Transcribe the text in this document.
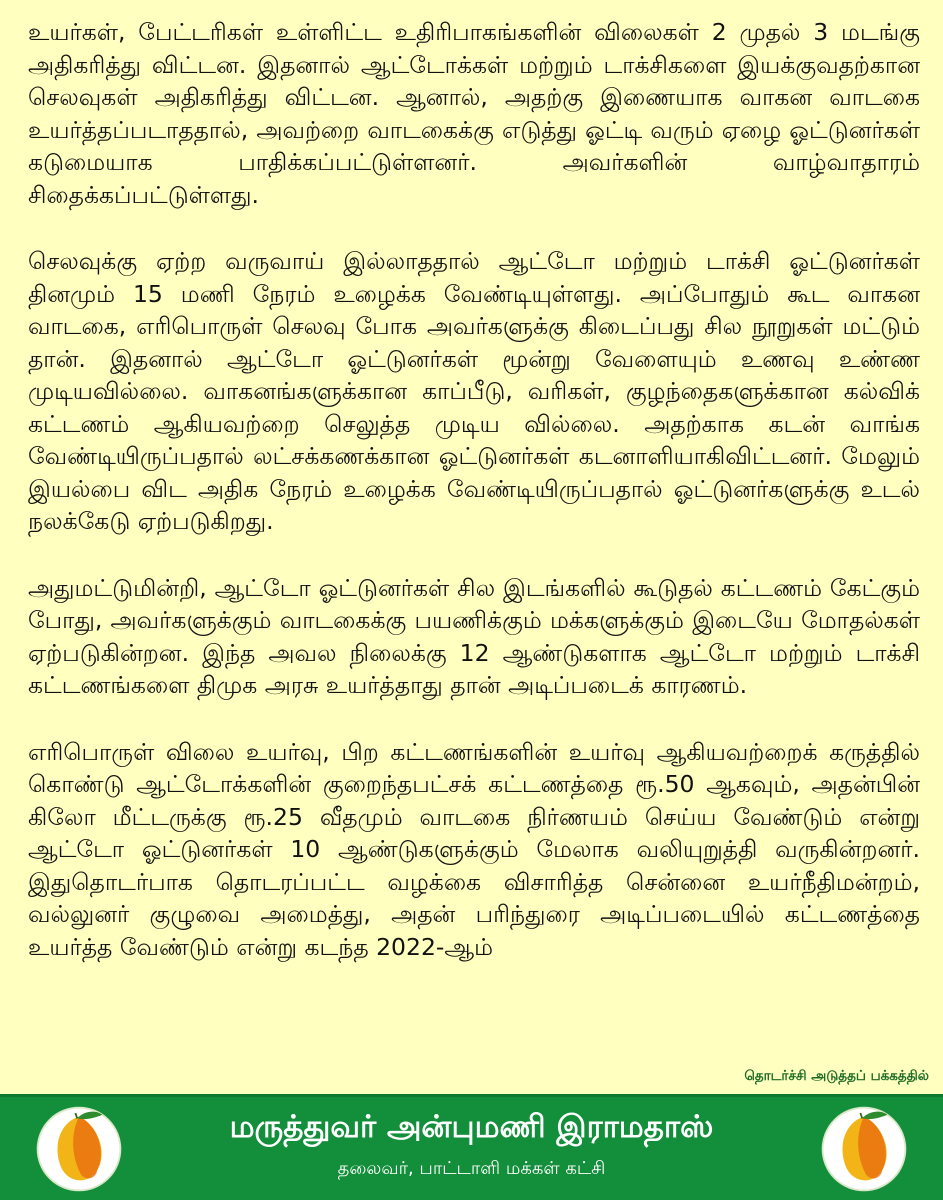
உயர்கள், பேட்டரிகள் உள்ளிட்ட உதிரிபாகங்களின் விலைகள் 2 முதல் 3 மடங்கு அதிகரித்து விட்டன. இதனால் ஆட்டோக்கள் மற்றும் டாக்சிகளை இயக்குவதற்கான செலவுகள் அதிகரித்து விட்டன. ஆனால், அதற்கு இணையாக வாகன வாடகை உயர்த்தப்படாததால், அவற்றை வாடகைக்கு எடுத்து ஓட்டி வரும் ஏழை ஓட்டுனர்கள் கடுமையாக பாதிக்கப்பட்டுள்ளனர். அவர்களின் வாழ்வாதாரம் சிதைக்கப்பட்டுள்ளது.

செலவுக்கு ஏற்ற வருவாய் இல்லாததால் ஆட்டோ மற்றும் டாக்சி ஓட்டுனர்கள் தினமும் 15 மணி நேரம் உழைக்க வேண்டியுள்ளது. அப்போதும் கூட வாகன வாடகை, எரிபொருள் செலவு போக அவர்களுக்கு கிடைப்பது சில நூறுகள் மட்டும் தான். இதனால் ஆட்டோ ஓட்டுனர்கள் மூன்று வேளையும் உணவு உண்ண முடியவில்லை. வாகனங்களுக்கான காப்பீடு, வரிகள், குழந்தைகளுக்கான கல்விக் கட்டணம் ஆகியவற்றை செலுத்த முடிய வில்லை. அதற்காக கடன் வாங்க வேண்டியிருப்பதால் லட்சக்கணக்கான ஓட்டுனர்கள் கடனாளியாகிவிட்டனர். மேலும் இயல்பை விட அதிக நேரம் உழைக்க வேண்டியிருப்பதால் ஓட்டுனர்களுக்கு உடல் நலக்கேடு ஏற்படுகிறது.

அதுமட்டுமின்றி, ஆட்டோ ஓட்டுனர்கள் சில இடங்களில் கூடுதல் கட்டணம் கேட்கும் போது, அவர்களுக்கும் வாடகைக்கு பயணிக்கும் மக்களுக்கும் இடையே மோதல்கள் ஏற்படுகின்றன. இந்த அவல நிலைக்கு 12 ஆண்டுகளாக ஆட்டோ மற்றும் டாக்சி கட்டணங்களை திமுக அரசு உயர்த்தாது தான் அடிப்படைக் காரணம்.

எரிபொருள் விலை உயர்வு, பிற கட்டணங்களின் உயர்வு ஆகியவற்றைக் கருத்தில் கொண்டு ஆட்டோக்களின் குறைந்தபட்சக் கட்டணத்தை ரூ.50 ஆகவும், அதன்பின் கிலோ மீட்டருக்கு ரூ.25 வீதமும் வாடகை நிர்ணயம் செய்ய வேண்டும் என்று ஆட்டோ ஓட்டுனர்கள் 10 ஆண்டுகளுக்கும் மேலாக வலியுறுத்தி வருகின்றனர். இதுதொடர்பாக தொடரப்பட்ட வழக்கை விசாரித்த சென்னை உயர்நீதிமன்றம், வல்லுனர் குழுவை அமைத்து, அதன் பரிந்துரை அடிப்படையில் கட்டணத்தை உயர்த்த வேண்டும் என்று கடந்த 2022-ஆம்

தொடர்ச்சி அடுத்தப் பக்கத்தில்
மருத்துவர் அன்புமணி இராமதாஸ்
தலைவர், பாட்டாளி மக்கள் கட்சி
